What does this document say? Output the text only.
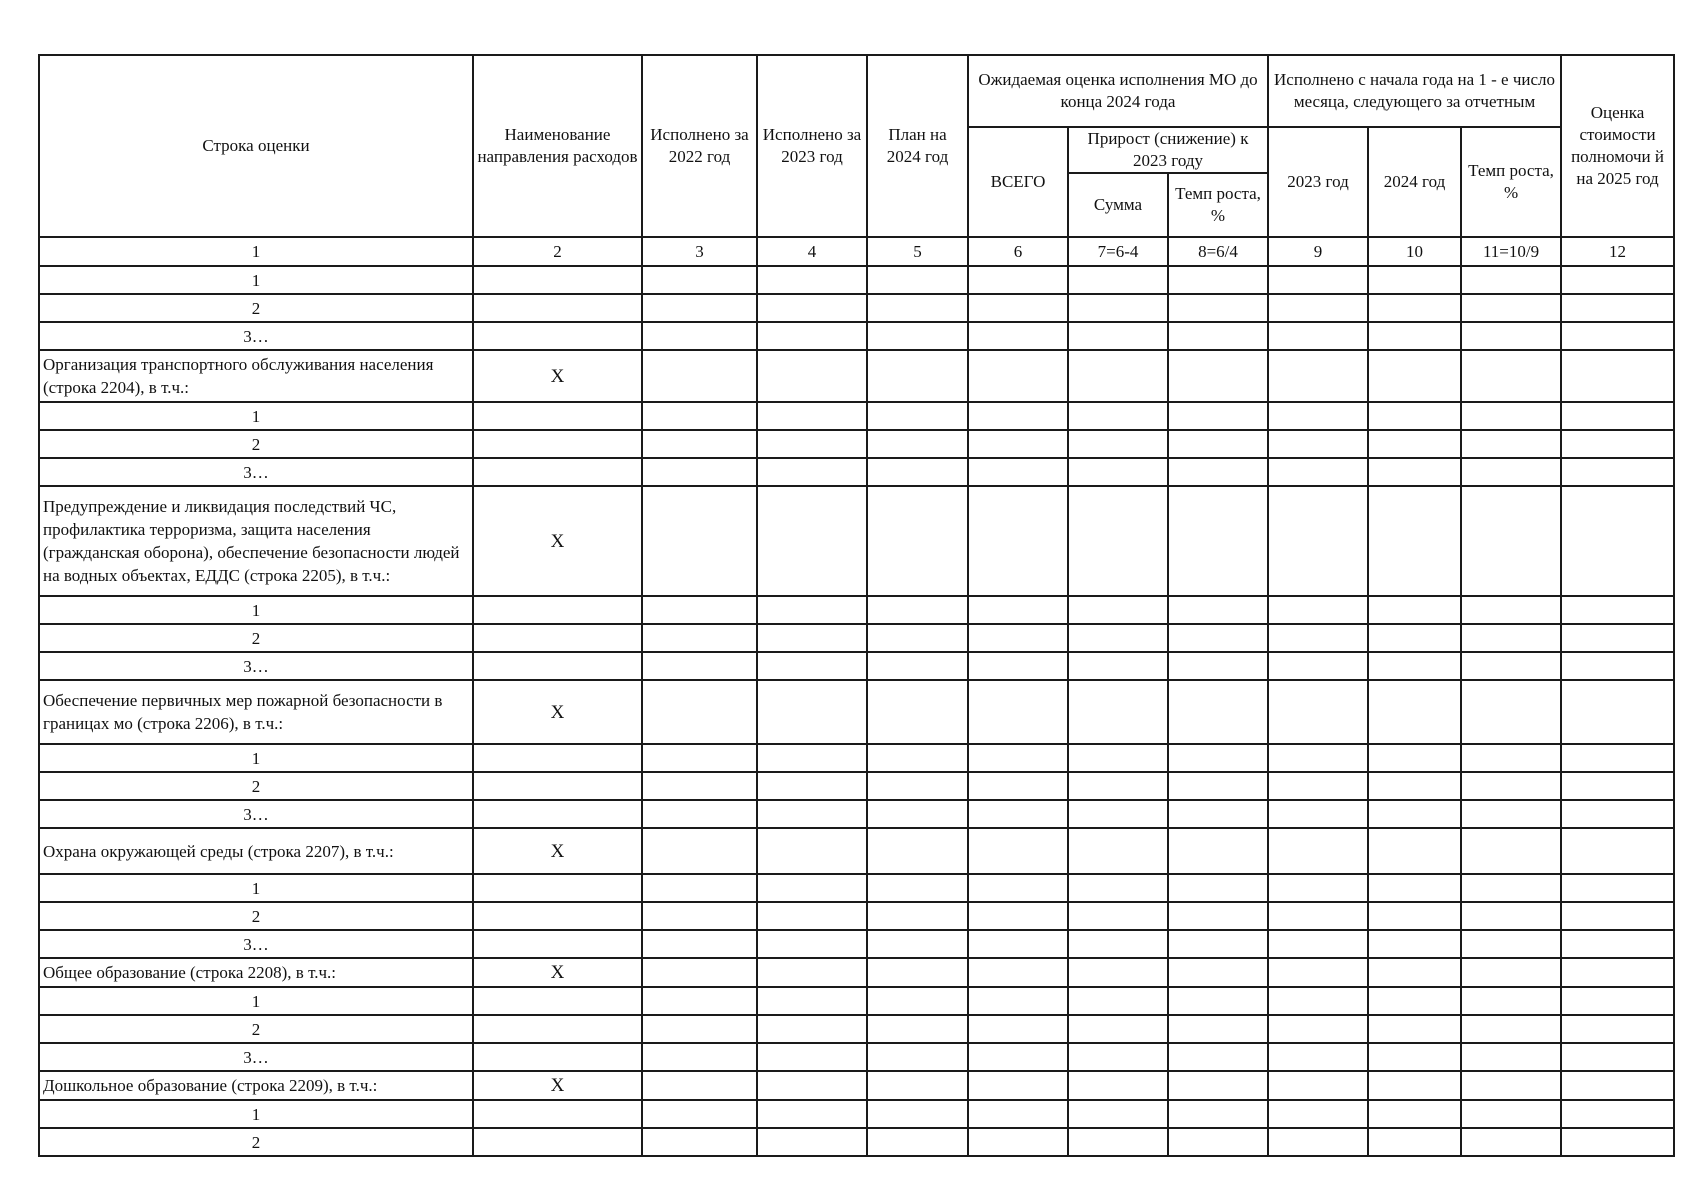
Строка оценки	Наименование направления расходов	Исполнено за 2022 год	Исполнено за 2023 год	План на 2024 год	Ожидаемая оценка исполнения МО до конца 2024 года			Исполнено с начала года на 1 - е число месяца, следующего за отчетным			Оценка стоимости полномочи й на 2025 год
					ВСЕГО	Прирост (снижение) к 2023 году		2023 год	2024 год	Темп роста, %	
						Сумма	Темп роста, %				
1	2	3	4	5	6	7=6-4	8=6/4	9	10	11=10/9	12
1											
2											
3…											
Организация транспортного обслуживания населения (строка 2204), в т.ч.:	X										
1											
2											
3…											
Предупреждение и ликвидация последствий ЧС, профилактика терроризма, защита населения (гражданская оборона), обеспечение безопасности людей на водных объектах, ЕДДС (строка 2205), в т.ч.:	X										
1											
2											
3…											
Обеспечение первичных мер пожарной безопасности в границах мо (строка 2206), в т.ч.:	X										
1											
2											
3…											
Охрана окружающей среды (строка 2207), в т.ч.:	X										
1											
2											
3…											
Общее образование (строка 2208), в т.ч.:	X										
1											
2											
3…											
Дошкольное образование (строка 2209), в т.ч.:	X										
1											
2											
